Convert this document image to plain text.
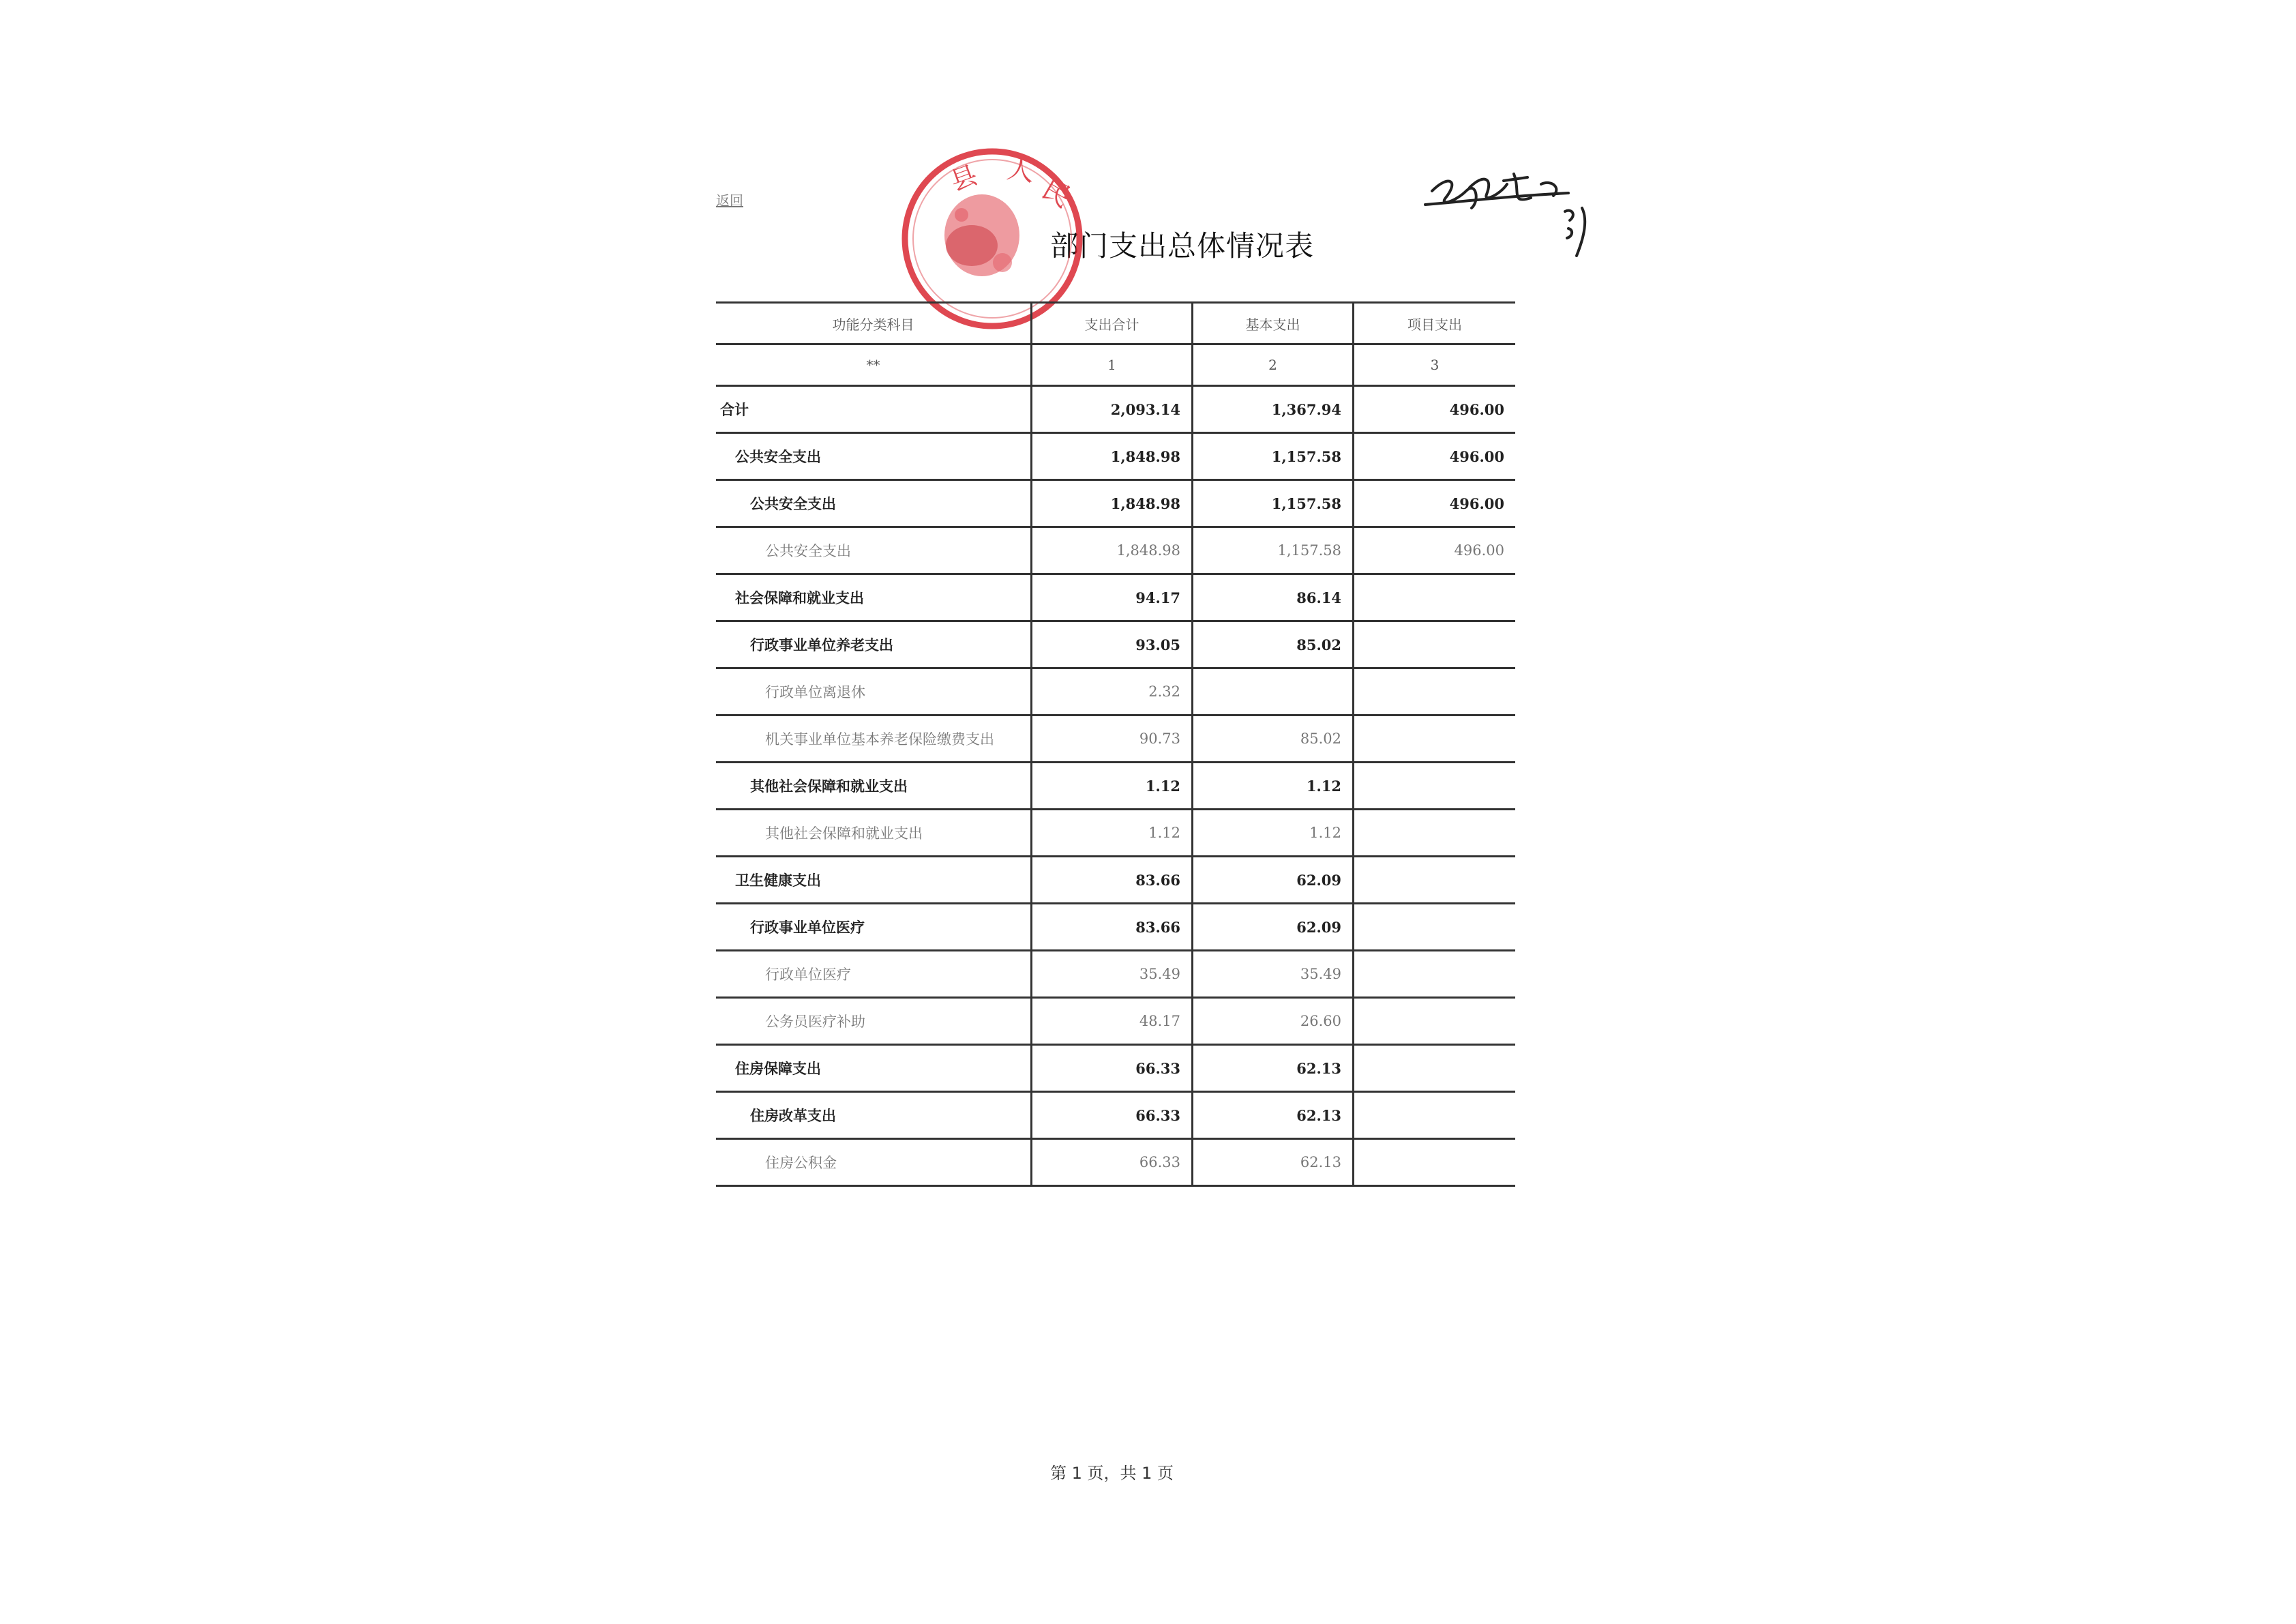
返回
部门支出总体情况表
人
民
县
功能分类科目	支出合计	基本支出	项目支出
**	1	2	3
合计	2,093.14	1,367.94	496.00
公共安全支出	1,848.98	1,157.58	496.00
公共安全支出	1,848.98	1,157.58	496.00
公共安全支出	1,848.98	1,157.58	496.00
社会保障和就业支出	94.17	86.14
行政事业单位养老支出	93.05	85.02
行政单位离退休	2.32
机关事业单位基本养老保险缴费支出	90.73	85.02
其他社会保障和就业支出	1.12	1.12
其他社会保障和就业支出	1.12	1.12
卫生健康支出	83.66	62.09
行政事业单位医疗	83.66	62.09
行政单位医疗	35.49	35.49
公务员医疗补助	48.17	26.60
住房保障支出	66.33	62.13
住房改革支出	66.33	62.13
住房公积金	66.33	62.13
第 1 页，共 1 页
